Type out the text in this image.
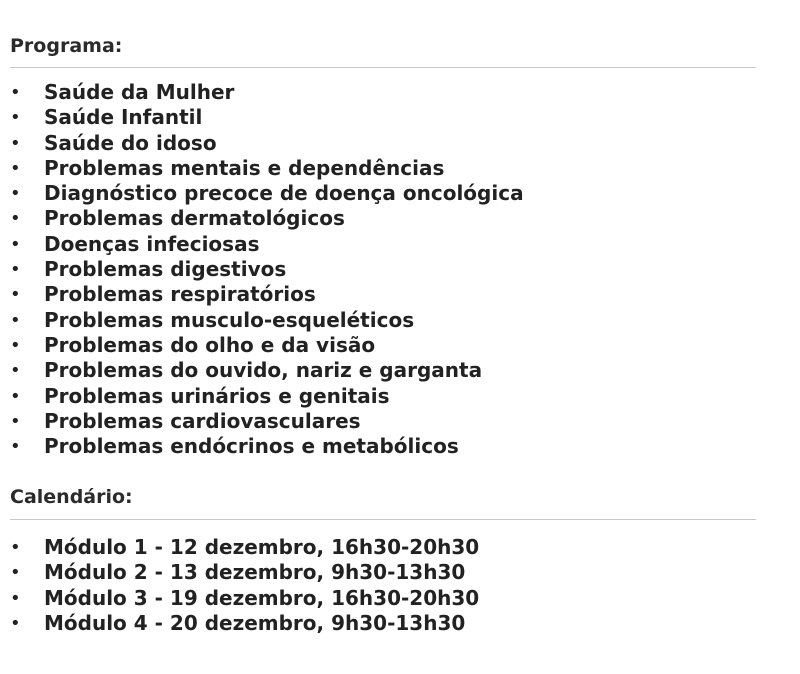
Programa:
• Saúde da Mulher
• Saúde Infantil
• Saúde do idoso
• Problemas mentais e dependências
• Diagnóstico precoce de doença oncológica
• Problemas dermatológicos
• Doenças infeciosas
• Problemas digestivos
• Problemas respiratórios
• Problemas musculo-esqueléticos
• Problemas do olho e da visão
• Problemas do ouvido, nariz e garganta
• Problemas urinários e genitais
• Problemas cardiovasculares
• Problemas endócrinos e metabólicos
Calendário:
• Módulo 1 - 12 dezembro, 16h30-20h30
• Módulo 2 - 13 dezembro, 9h30-13h30
• Módulo 3 - 19 dezembro, 16h30-20h30
• Módulo 4 - 20 dezembro, 9h30-13h30
